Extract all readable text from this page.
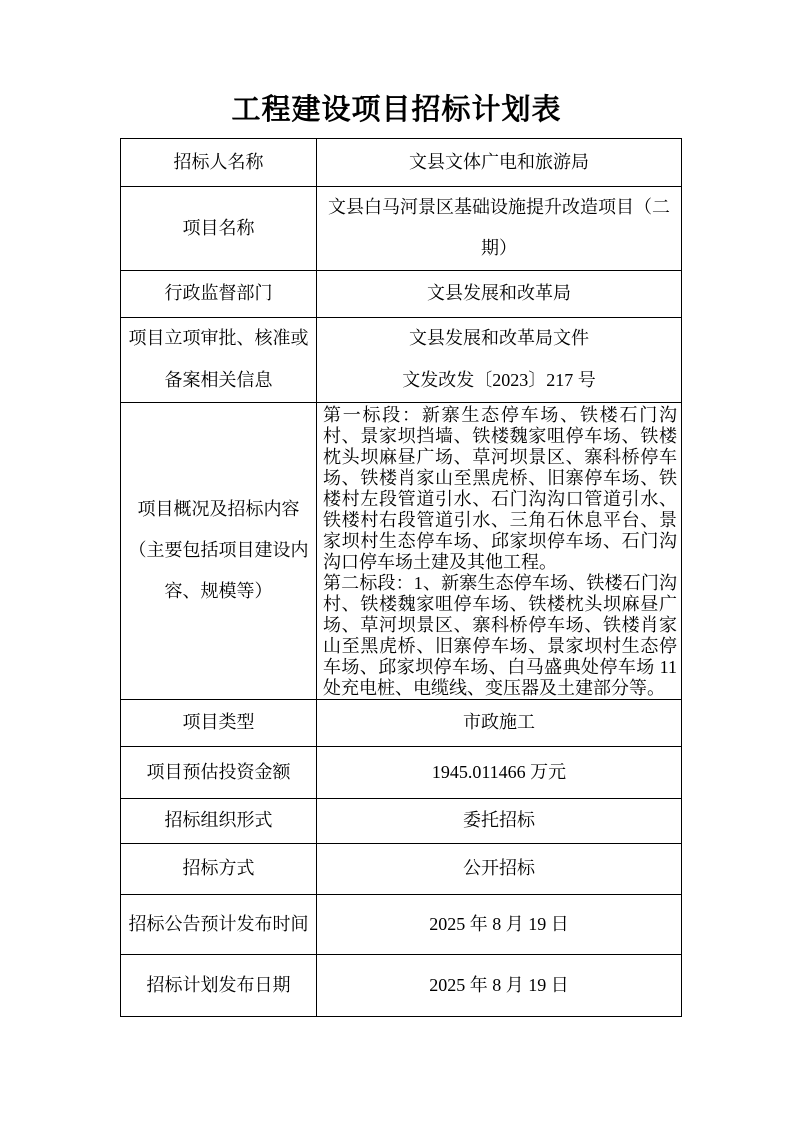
工程建设项目招标计划表
招标人名称	文县文体广电和旅游局
项目名称	文县白马河景区基础设施提升改造项目（二期）
行政监督部门	文县发展和改革局
项目立项审批、核准或备案相关信息	文县发展和改革局文件
文发改发〔2023〕217 号

项目概况及招标内容（主要包括项目建设内容、规模等）	第一标段：新寨生态停车场、铁楼石门沟村、景家坝挡墙、铁楼魏家咀停车场、铁楼枕头坝麻昼广场、草河坝景区、寨科桥停车场、铁楼肖家山至黑虎桥、旧寨停车场、铁楼村左段管道引水、石门沟沟口管道引水、铁楼村右段管道引水、三角石休息平台、景家坝村生态停车场、邱家坝停车场、石门沟沟口停车场土建及其他工程。

第二标段：1、新寨生态停车场、铁楼石门沟村、铁楼魏家咀停车场、铁楼枕头坝麻昼广场、草河坝景区、寨科桥停车场、铁楼肖家山至黑虎桥、旧寨停车场、景家坝村生态停车场、邱家坝停车场、白马盛典处停车场 11 处充电桩、电缆线、变压器及土建部分等。

项目类型	市政施工
项目预估投资金额	1945.011466 万元
招标组织形式	委托招标
招标方式	公开招标
招标公告预计发布时间	2025 年 8 月 19 日
招标计划发布日期	2025 年 8 月 19 日
